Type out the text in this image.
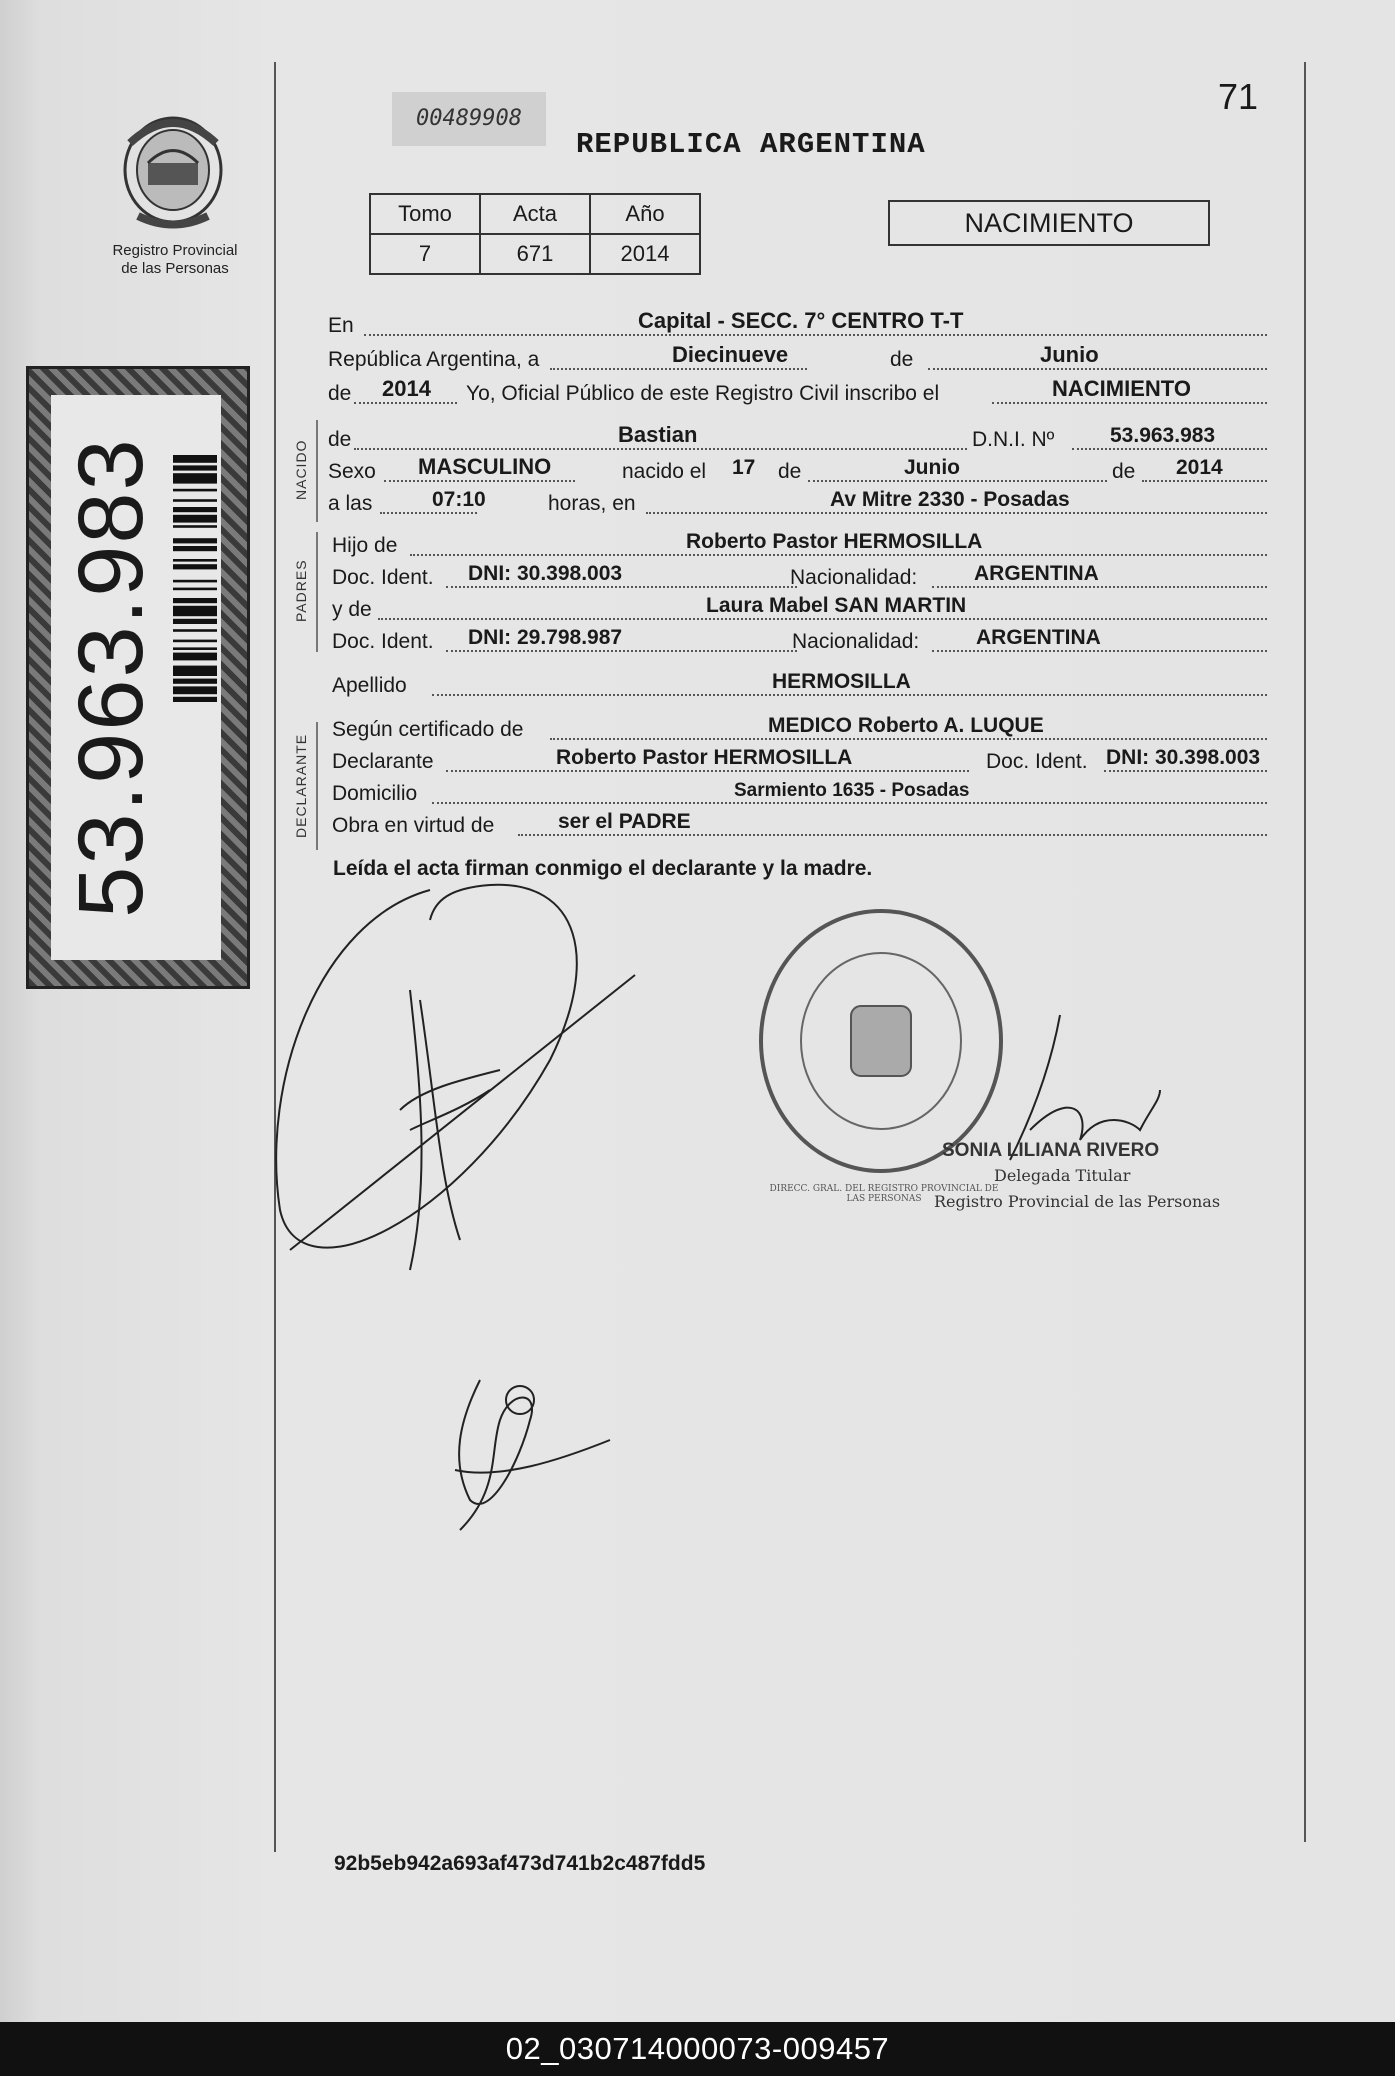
Registro Provincial
de las Personas
53.963.983
00489908
REPUBLICA ARGENTINA
71
Tomo	Acta	Año
7	671	2014
NACIMIENTO
En	Capital - SECC. 7° CENTRO T-T
República Argentina, a	Diecinueve	de	Junio
de 2014 Yo, Oficial Público de este Registro Civil inscribo el	NACIMIENTO
NACIDO
de	Bastian	D.N.I. Nº	53.963.983
Sexo MASCULINO	nacido el 17 de	Junio	de 2014
a las	07:10	horas, en	Av Mitre 2330 - Posadas
PADRES
Hijo de	Roberto Pastor HERMOSILLA
Doc. Ident. DNI: 30.398.003	Nacionalidad:	ARGENTINA
y de	Laura Mabel SAN MARTIN
Doc. Ident. DNI: 29.798.987	Nacionalidad:	ARGENTINA
Apellido	HERMOSILLA
DECLARANTE
Según certificado de	MEDICO Roberto A. LUQUE
Declarante	Roberto Pastor HERMOSILLA	Doc. Ident. DNI: 30.398.003
Domicilio	Sarmiento 1635 - Posadas
Obra en virtud de	ser el PADRE
Leída el acta firman conmigo el declarante y la madre.
DIRECC. GRAL. DEL REGISTRO PROVINCIAL DE LAS PERSONAS
SONIA LILIANA RIVERO
Delegada Titular
Registro Provincial de las Personas
92b5eb942a693af473d741b2c487fdd5
02_030714000073-009457
